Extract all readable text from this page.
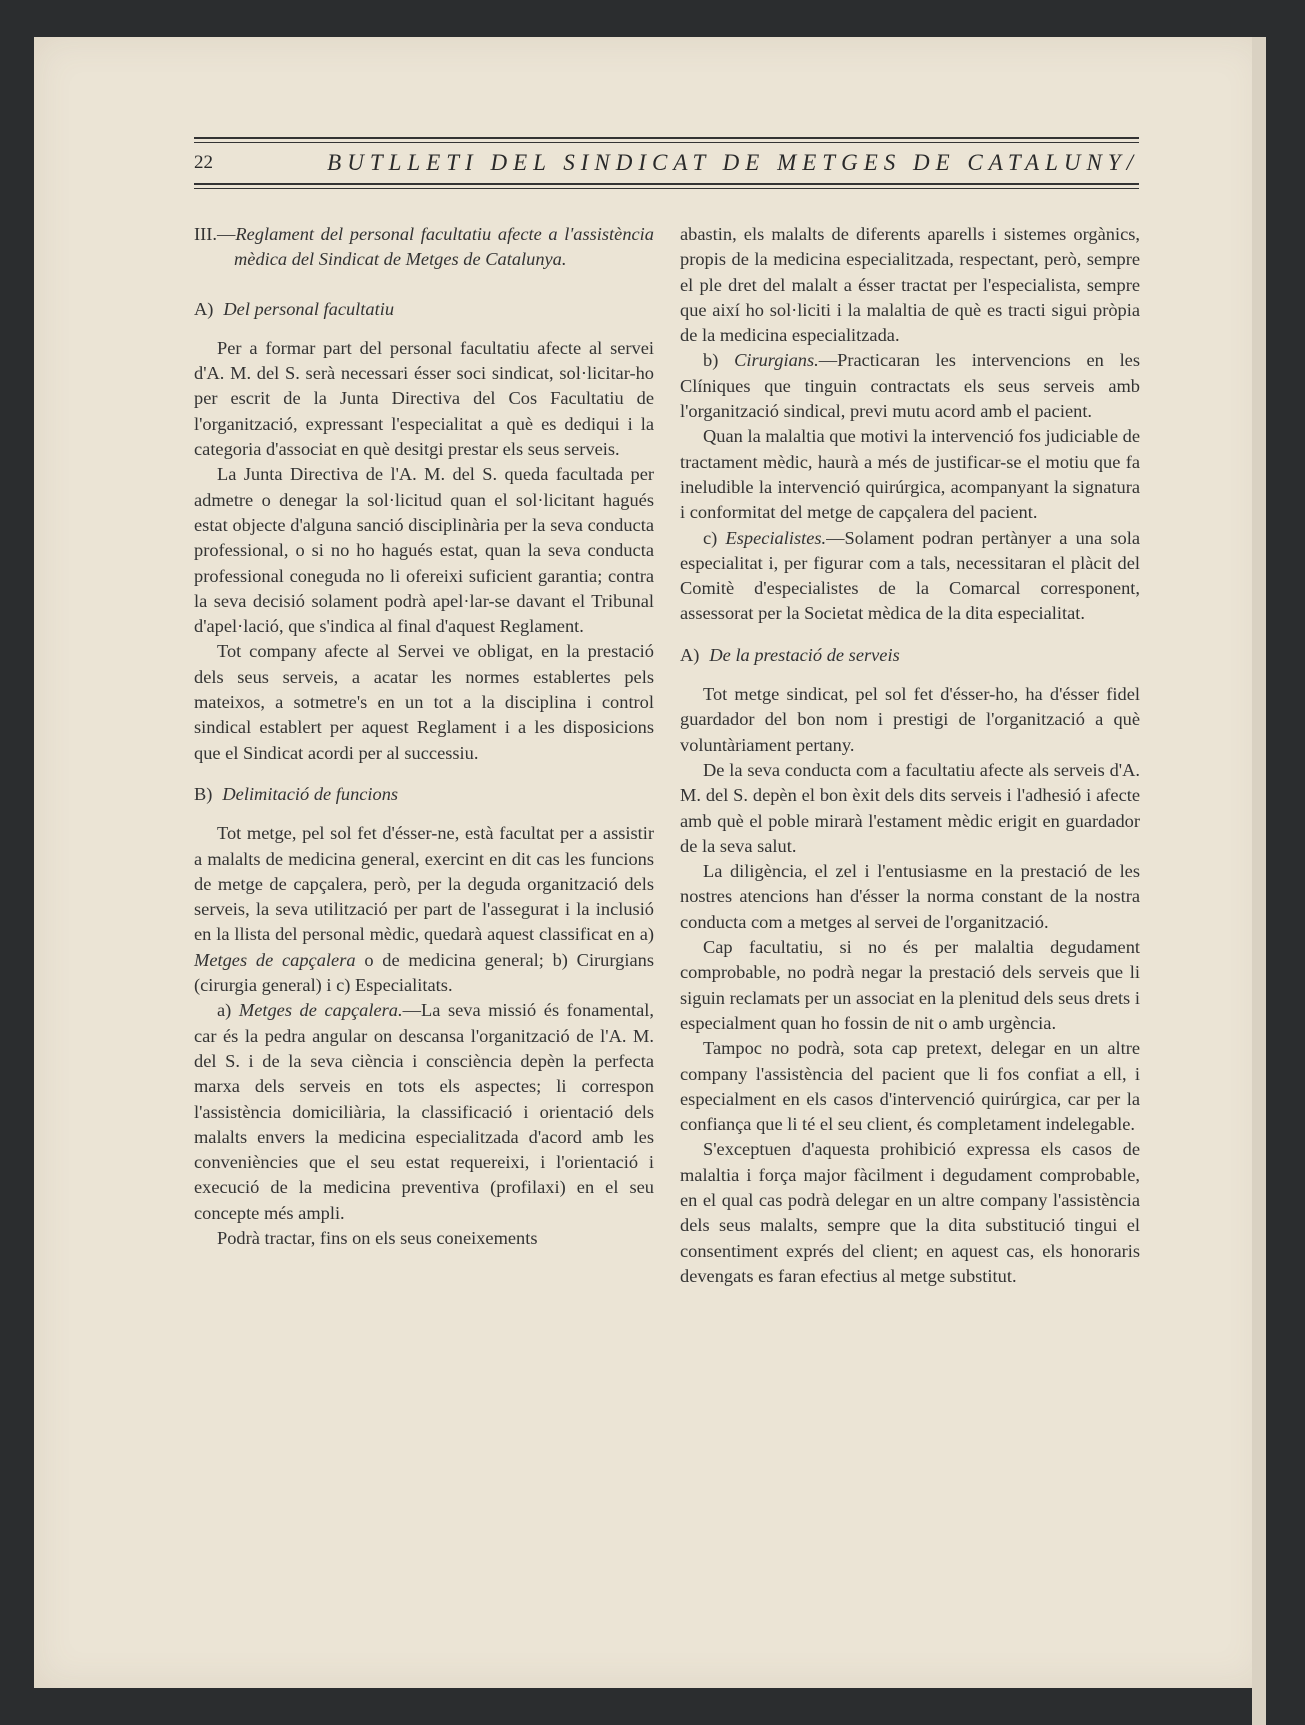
22	BUTLLETI DEL SINDICAT DE METGES DE CATALUNY/

III.—Reglament del personal facultatiu afecte a l'assistència mèdica del Sindicat de Metges de Catalunya.

A) Del personal facultatiu

Per a formar part del personal facultatiu afecte al servei d'A. M. del S. serà necessari ésser soci sindicat, sol·licitar-ho per escrit de la Junta Directiva del Cos Facultatiu de l'organització, expressant l'especialitat a què es dediqui i la categoria d'associat en què desitgi prestar els seus serveis.

La Junta Directiva de l'A. M. del S. queda facultada per admetre o denegar la sol·licitud quan el sol·licitant hagués estat objecte d'alguna sanció disciplinària per la seva conducta professional, o si no ho hagués estat, quan la seva conducta professional coneguda no li ofereixi suficient garantia; contra la seva decisió solament podrà apel·lar-se davant el Tribunal d'apel·lació, que s'indica al final d'aquest Reglament.

Tot company afecte al Servei ve obligat, en la prestació dels seus serveis, a acatar les normes establertes pels mateixos, a sotmetre's en un tot a la disciplina i control sindical establert per aquest Reglament i a les disposicions que el Sindicat acordi per al successiu.

B) Delimitació de funcions

Tot metge, pel sol fet d'ésser-ne, està facultat per a assistir a malalts de medicina general, exercint en dit cas les funcions de metge de capçalera, però, per la deguda organització dels serveis, la seva utilització per part de l'assegurat i la inclusió en la llista del personal mèdic, quedarà aquest classificat en a) Metges de capçalera o de medicina general; b) Cirurgians (cirurgia general) i c) Especialitats.

a) Metges de capçalera.—La seva missió és fonamental, car és la pedra angular on descansa l'organització de l'A. M. del S. i de la seva ciència i consciència depèn la perfecta marxa dels serveis en tots els aspectes; li correspon l'assistència domiciliària, la classificació i orientació dels malalts envers la medicina especialitzada d'acord amb les conveniències que el seu estat requereixi, i l'orientació i execució de la medicina preventiva (profilaxi) en el seu concepte més ampli.

Podrà tractar, fins on els seus coneixements

abastin, els malalts de diferents aparells i sistemes orgànics, propis de la medicina especialitzada, respectant, però, sempre el ple dret del malalt a ésser tractat per l'especialista, sempre que així ho sol·liciti i la malaltia de què es tracti sigui pròpia de la medicina especialitzada.

b) Cirurgians.—Practicaran les intervencions en les Clíniques que tinguin contractats els seus serveis amb l'organització sindical, previ mutu acord amb el pacient.

Quan la malaltia que motivi la intervenció fos judiciable de tractament mèdic, haurà a més de justificar-se el motiu que fa ineludible la intervenció quirúrgica, acompanyant la signatura i conformitat del metge de capçalera del pacient.

c) Especialistes.—Solament podran pertànyer a una sola especialitat i, per figurar com a tals, necessitaran el plàcit del Comitè d'especialistes de la Comarcal corresponent, assessorat per la Societat mèdica de la dita especialitat.

A) De la prestació de serveis

Tot metge sindicat, pel sol fet d'ésser-ho, ha d'ésser fidel guardador del bon nom i prestigi de l'organització a què voluntàriament pertany.

De la seva conducta com a facultatiu afecte als serveis d'A. M. del S. depèn el bon èxit dels dits serveis i l'adhesió i afecte amb què el poble mirarà l'estament mèdic erigit en guardador de la seva salut.

La diligència, el zel i l'entusiasme en la prestació de les nostres atencions han d'ésser la norma constant de la nostra conducta com a metges al servei de l'organització.

Cap facultatiu, si no és per malaltia degudament comprobable, no podrà negar la prestació dels serveis que li siguin reclamats per un associat en la plenitud dels seus drets i especialment quan ho fossin de nit o amb urgència.

Tampoc no podrà, sota cap pretext, delegar en un altre company l'assistència del pacient que li fos confiat a ell, i especialment en els casos d'intervenció quirúrgica, car per la confiança que li té el seu client, és completament indelegable.

S'exceptuen d'aquesta prohibició expressa els casos de malaltia i força major fàcilment i degudament comprobable, en el qual cas podrà delegar en un altre company l'assistència dels seus malalts, sempre que la dita substitució tingui el consentiment exprés del client; en aquest cas, els honoraris devengats es faran efectius al metge substitut.
